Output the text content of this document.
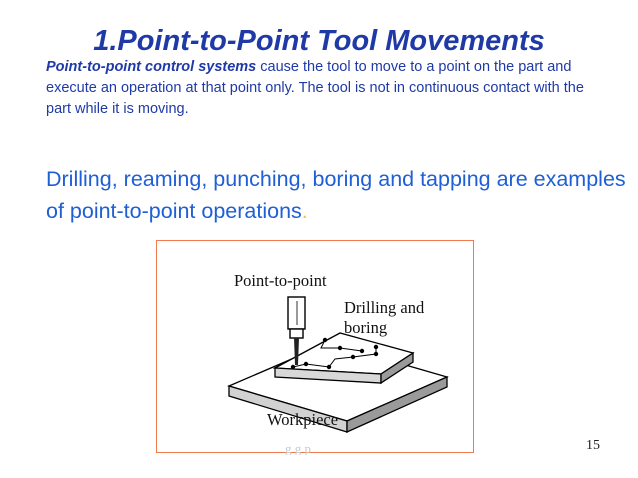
1.Point-to-Point Tool Movements
Point-to-point control systems cause the tool to move to a point on the part and execute an operation at that point only. The tool is not in continuous contact with the part while it is moving.
Drilling, reaming, punching, boring and tapping are examples of point-to-point operations.
Point-to-point
Drilling and
boring
Workpiece
g g p	15
